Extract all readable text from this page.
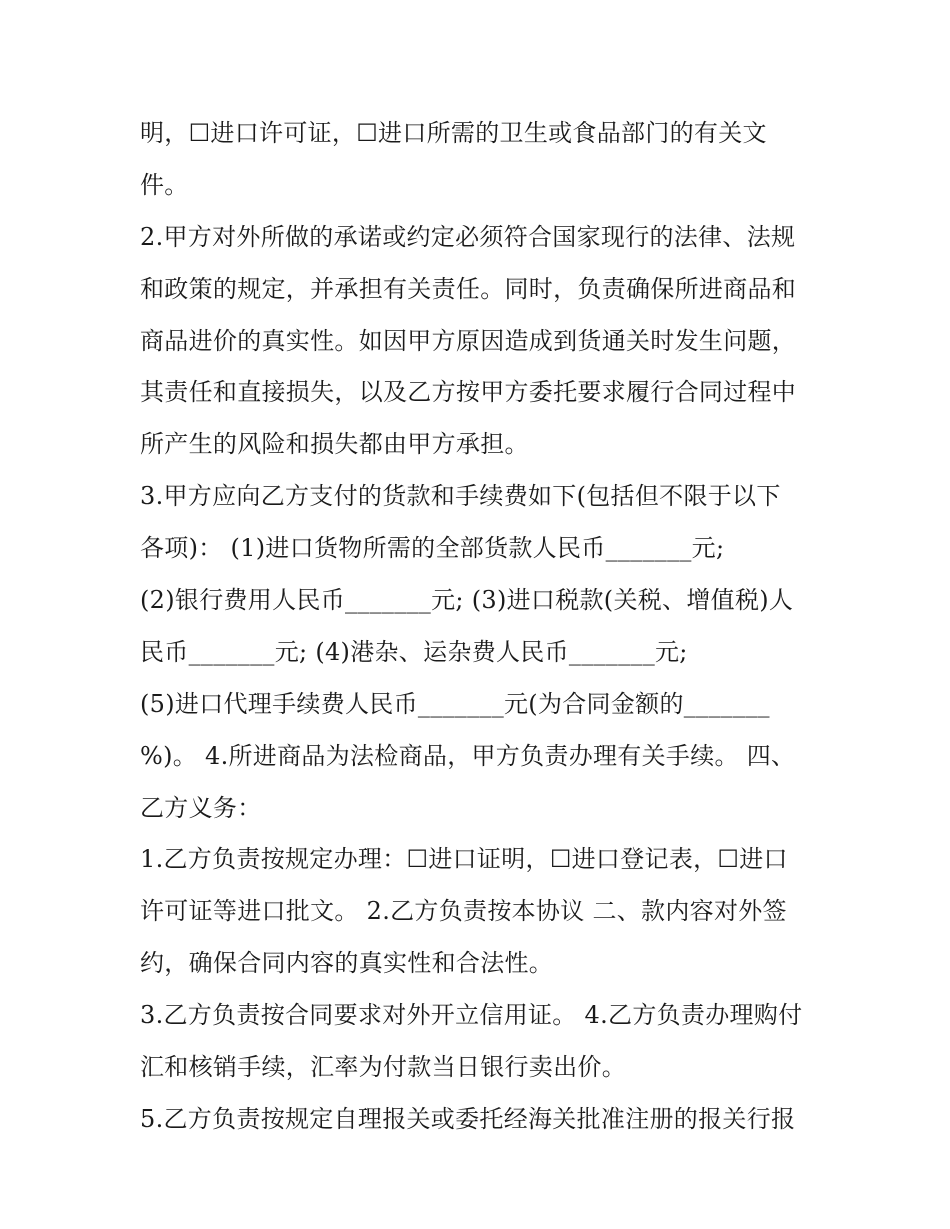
明，☐进口许可证，☐进口所需的卫生或食品部门的有关文
件。
2.甲方对外所做的承诺或约定必须符合国家现行的法律、法规
和政策的规定，并承担有关责任。同时，负责确保所进商品和
商品进价的真实性。如因甲方原因造成到货通关时发生问题，
其责任和直接损失，以及乙方按甲方委托要求履行合同过程中
所产生的风险和损失都由甲方承担。
3.甲方应向乙方支付的货款和手续费如下(包括但不限于以下
各项)： (1)进口货物所需的全部货款人民币_______元;
(2)银行费用人民币_______元; (3)进口税款(关税、增值税)人
民币_______元; (4)港杂、运杂费人民币_______元;
(5)进口代理手续费人民币_______元(为合同金额的_______
%)。 4.所进商品为法检商品，甲方负责办理有关手续。 四、
乙方义务：
1.乙方负责按规定办理：☐进口证明，☐进口登记表，☐进口
许可证等进口批文。 2.乙方负责按本协议 二、款内容对外签
约，确保合同内容的真实性和合法性。
3.乙方负责按合同要求对外开立信用证。 4.乙方负责办理购付
汇和核销手续，汇率为付款当日银行卖出价。
5.乙方负责按规定自理报关或委托经海关批准注册的报关行报
